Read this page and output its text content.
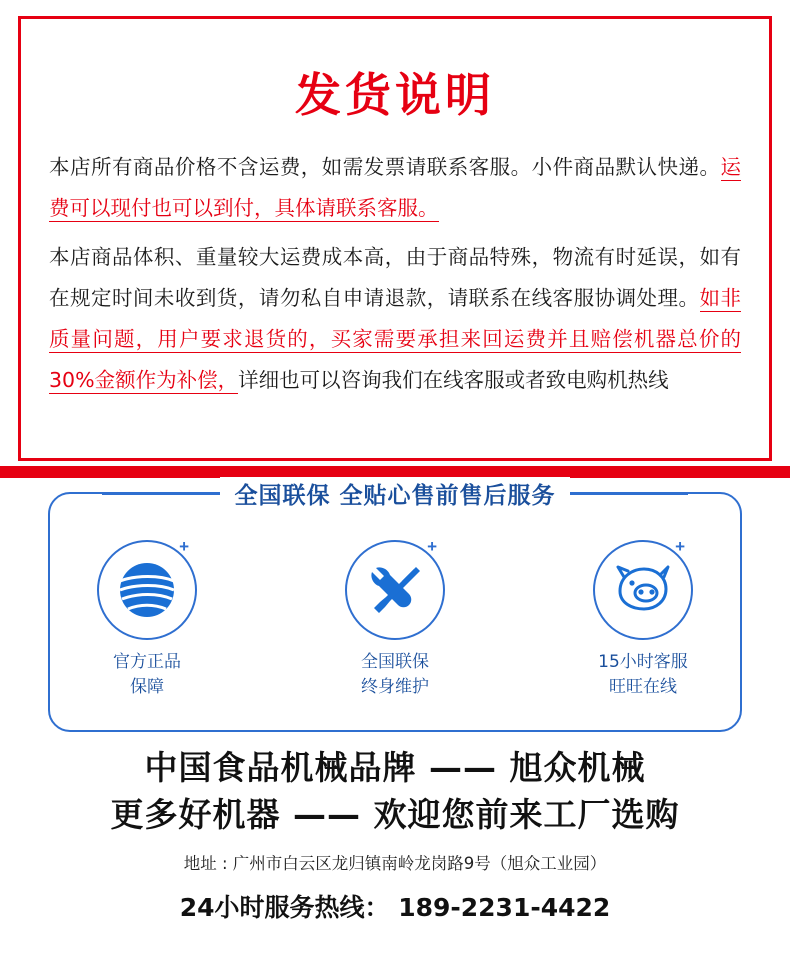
发货说明

本店所有商品价格不含运费，如需发票请联系客服。小件商品默认快递。运费可以现付也可以到付，具体请联系客服。

本店商品体积、重量较大运费成本高，由于商品特殊，物流有时延误，如有在规定时间未收到货，请勿私自申请退款，请联系在线客服协调处理。如非质量问题，用户要求退货的，买家需要承担来回运费并且赔偿机器总价的30%金额作为补偿，详细也可以咨询我们在线客服或者致电购机热线

全国联保 全贴心售前售后服务
+
官方正品
保障
+
全国联保
终身维护
+
15小时客服
旺旺在线
中国食品机械品牌 —— 旭众机械
更多好机器 —— 欢迎您前来工厂选购
地址 : 广州市白云区龙归镇南岭龙岗路9号（旭众工业园）
24小时服务热线： 189-2231-4422
